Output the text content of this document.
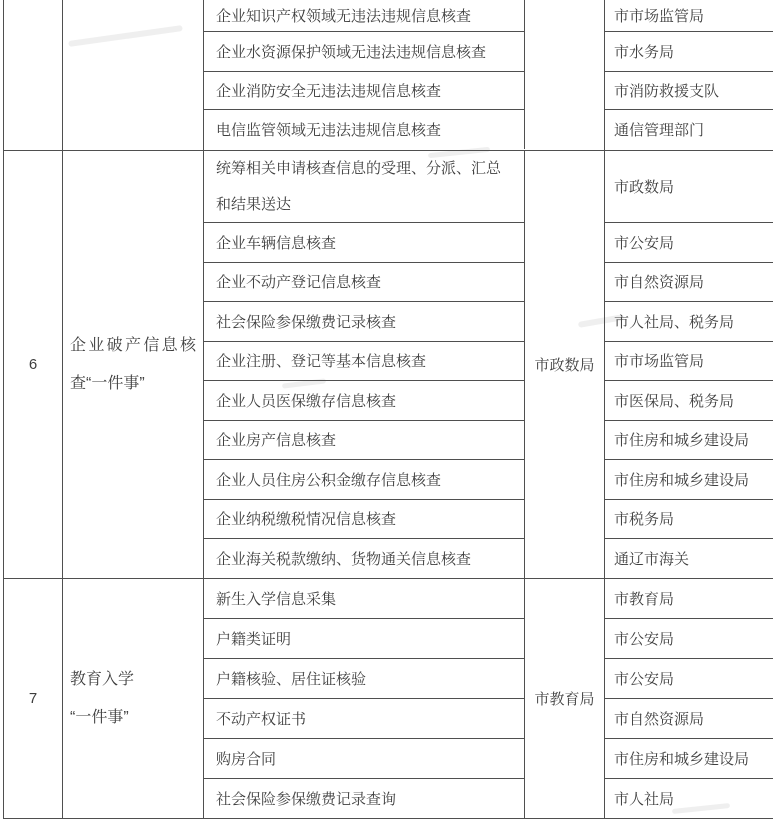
企业知识产权领域无违法违规信息核查
企业水资源保护领域无违法违规信息核查
企业消防安全无违法违规信息核查
电信监管领域无违法违规信息核查
市市场监管局
市水务局
市消防救援支队
通信管理部门
6
企业破产信息核
查“一件事”
统筹相关申请核查信息的受理、分派、汇总和结果送达
企业车辆信息核查
企业不动产登记信息核查
社会保险参保缴费记录核查
企业注册、登记等基本信息核查
企业人员医保缴存信息核查
企业房产信息核查
企业人员住房公积金缴存信息核查
企业纳税缴税情况信息核查
企业海关税款缴纳、货物通关信息核查
市政数局
市政数局
市公安局
市自然资源局
市人社局、税务局
市市场监管局
市医保局、税务局
市住房和城乡建设局
市住房和城乡建设局
市税务局
通辽市海关
7
教育入学
“一件事”
新生入学信息采集
户籍类证明
户籍核验、居住证核验
不动产权证书
购房合同
社会保险参保缴费记录查询
市教育局
市教育局
市公安局
市公安局
市自然资源局
市住房和城乡建设局
市人社局
